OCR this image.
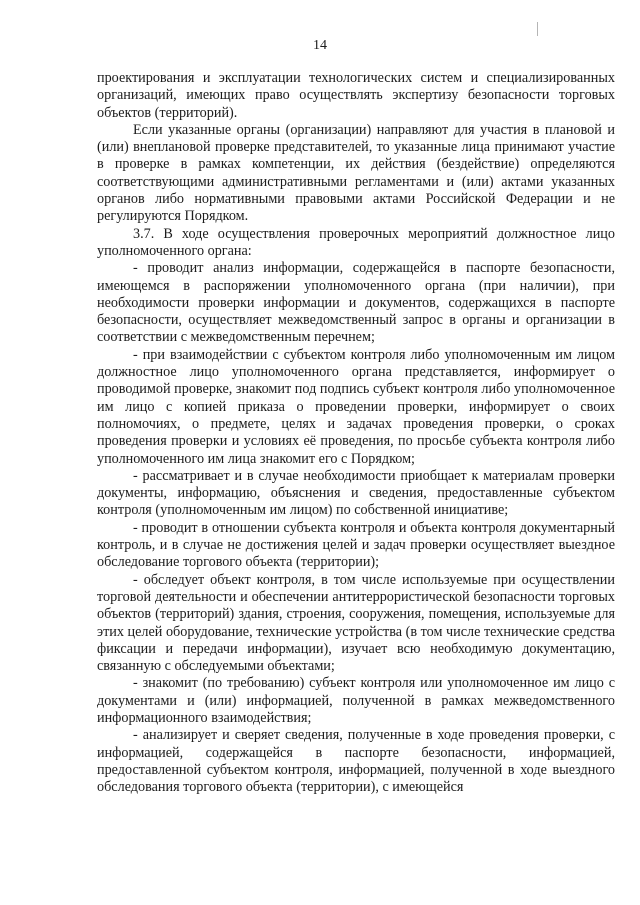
14

проектирования и эксплуатации технологических систем и специализированных организаций, имеющих право осуществлять экспертизу безопасности торговых объектов (территорий).

Если указанные органы (организации) направляют для участия в плановой и (или) внеплановой проверке представителей, то указанные лица принимают участие в проверке в рамках компетенции, их действия (бездействие) определяются соответствующими административными регламентами и (или) актами указанных органов либо нормативными правовыми актами Российской Федерации и не регулируются Порядком.

3.7. В ходе осуществления проверочных мероприятий должностное лицо уполномоченного органа:

- проводит анализ информации, содержащейся в паспорте безопасности, имеющемся в распоряжении уполномоченного органа (при наличии), при необходимости проверки информации и документов, содержащихся в паспорте безопасности, осуществляет межведомственный запрос в органы и организации в соответствии с межведомственным перечнем;

- при взаимодействии с субъектом контроля либо уполномоченным им лицом должностное лицо уполномоченного органа представляется, информирует о проводимой проверке, знакомит под подпись субъект контроля либо уполномоченное им лицо с копией приказа о проведении проверки, информирует о своих полномочиях, о предмете, целях и задачах проведения проверки, о сроках проведения проверки и условиях её проведения, по просьбе субъекта контроля либо уполномоченного им лица знакомит его с Порядком;

- рассматривает и в случае необходимости приобщает к материалам проверки документы, информацию, объяснения и сведения, предоставленные субъектом контроля (уполномоченным им лицом) по собственной инициативе;

- проводит в отношении субъекта контроля и объекта контроля документарный контроль, и в случае не достижения целей и задач проверки осуществляет выездное обследование торгового объекта (территории);

- обследует объект контроля, в том числе используемые при осуществлении торговой деятельности и обеспечении антитеррористической безопасности торговых объектов (территорий) здания, строения, сооружения, помещения, используемые для этих целей оборудование, технические устройства (в том числе технические средства фиксации и передачи информации), изучает всю необходимую документацию, связанную с обследуемыми объектами;

- знакомит (по требованию) субъект контроля или уполномоченное им лицо с документами и (или) информацией, полученной в рамках межведомственного информационного взаимодействия;

- анализирует и сверяет сведения, полученные в ходе проведения проверки, с информацией, содержащейся в паспорте безопасности, информацией, предоставленной субъектом контроля, информацией, полученной в ходе выездного обследования торгового объекта (территории), с имеющейся
